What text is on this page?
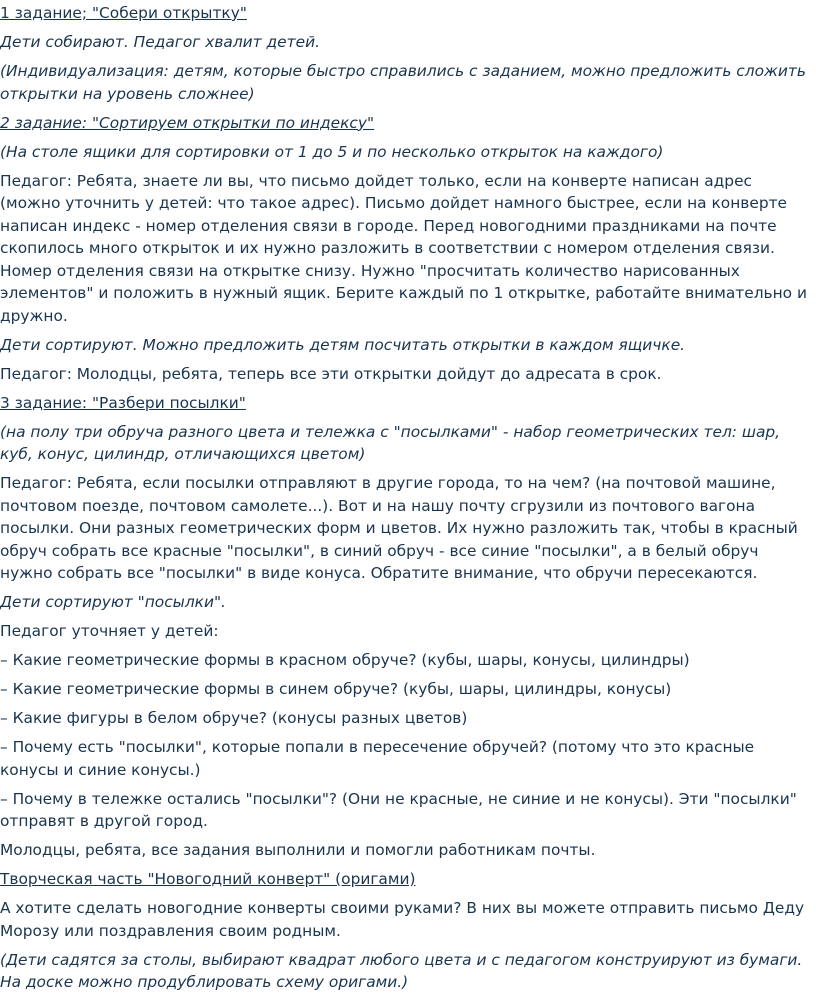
1 задание; "Собери открытку"

Дети собирают. Педагог хвалит детей.

(Индивидуализация: детям, которые быстро справились с заданием, можно предложить сложить открытки на уровень сложнее)

2 задание: "Сортируем открытки по индексу"

(На столе ящики для сортировки от 1 до 5 и по несколько открыток на каждого)

Педагог: Ребята, знаете ли вы, что письмо дойдет только, если на конверте написан адрес (можно уточнить у детей: что такое адрес). Письмо дойдет намного быстрее, если на конверте написан индекс - номер отделения связи в городе. Перед новогодними праздниками на почте скопилось много открыток и их нужно разложить в соответствии с номером отделения связи. Номер отделения связи на открытке снизу. Нужно "просчитать количество нарисованных элементов" и положить в нужный ящик. Берите каждый по 1 открытке, работайте внимательно и дружно.

Дети сортируют. Можно предложить детям посчитать открытки в каждом ящичке.

Педагог: Молодцы, ребята, теперь все эти открытки дойдут до адресата в срок.

3 задание: "Разбери посылки"

(на полу три обруча разного цвета и тележка с "посылками" - набор геометрических тел: шар, куб, конус, цилиндр, отличающихся цветом)

Педагог: Ребята, если посылки отправляют в другие города, то на чем? (на почтовой машине, почтовом поезде, почтовом самолете...). Вот и на нашу почту сгрузили из почтового вагона посылки. Они разных геометрических форм и цветов. Их нужно разложить так, чтобы в красный обруч собрать все красные "посылки", в синий обруч - все синие "посылки", а в белый обруч нужно собрать все "посылки" в виде конуса. Обратите внимание, что обручи пересекаются.

Дети сортируют "посылки".

Педагог уточняет у детей:

– Какие геометрические формы в красном обруче? (кубы, шары, конусы, цилиндры)

– Какие геометрические формы в синем обруче? (кубы, шары, цилиндры, конусы)

– Какие фигуры в белом обруче? (конусы разных цветов)

– Почему есть "посылки", которые попали в пересечение обручей? (потому что это красные конусы и синие конусы.)

– Почему в тележке остались "посылки"? (Они не красные, не синие и не конусы). Эти "посылки" отправят в другой город.

Молодцы, ребята, все задания выполнили и помогли работникам почты.

Творческая часть "Новогодний конверт" (оригами)

А хотите сделать новогодние конверты своими руками? В них вы можете отправить письмо Деду Морозу или поздравления своим родным.

(Дети садятся за столы, выбирают квадрат любого цвета и с педагогом конструируют из бумаги. На доске можно продублировать схему оригами.)
